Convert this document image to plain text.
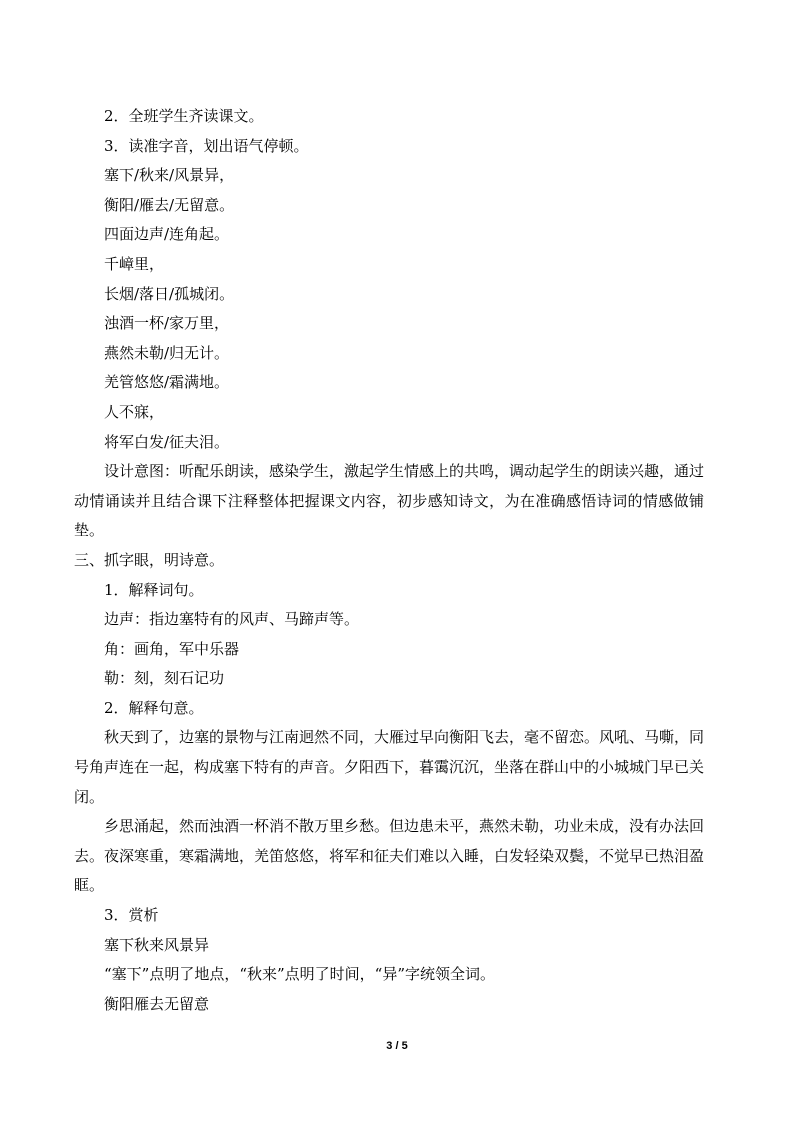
2．全班学生齐读课文。

3．读准字音，划出语气停顿。

塞下/秋来/风景异，

衡阳/雁去/无留意。

四面边声/连角起。

千嶂里，

长烟/落日/孤城闭。

浊酒一杯/家万里，

燕然未勒/归无计。

羌管悠悠/霜满地。

人不寐，

将军白发/征夫泪。

设计意图：听配乐朗读，感染学生，激起学生情感上的共鸣，调动起学生的朗读兴趣，通过动情诵读并且结合课下注释整体把握课文内容，初步感知诗文，为在准确感悟诗词的情感做铺垫。

三、抓字眼，明诗意。

1．解释词句。

边声：指边塞特有的风声、马蹄声等。

角：画角，军中乐器

勒：刻，刻石记功

2．解释句意。

秋天到了，边塞的景物与江南迥然不同，大雁过早向衡阳飞去，毫不留恋。风吼、马嘶，同号角声连在一起，构成塞下特有的声音。夕阳西下，暮霭沉沉，坐落在群山中的小城城门早已关闭。

乡思涌起，然而浊酒一杯消不散万里乡愁。但边患未平，燕然未勒，功业未成，没有办法回去。夜深寒重，寒霜满地，羌笛悠悠，将军和征夫们难以入睡，白发轻染双鬓，不觉早已热泪盈眶。

3．赏析

塞下秋来风景异

“塞下”点明了地点，“秋来”点明了时间，“异”字统领全词。

衡阳雁去无留意

3 / 5
